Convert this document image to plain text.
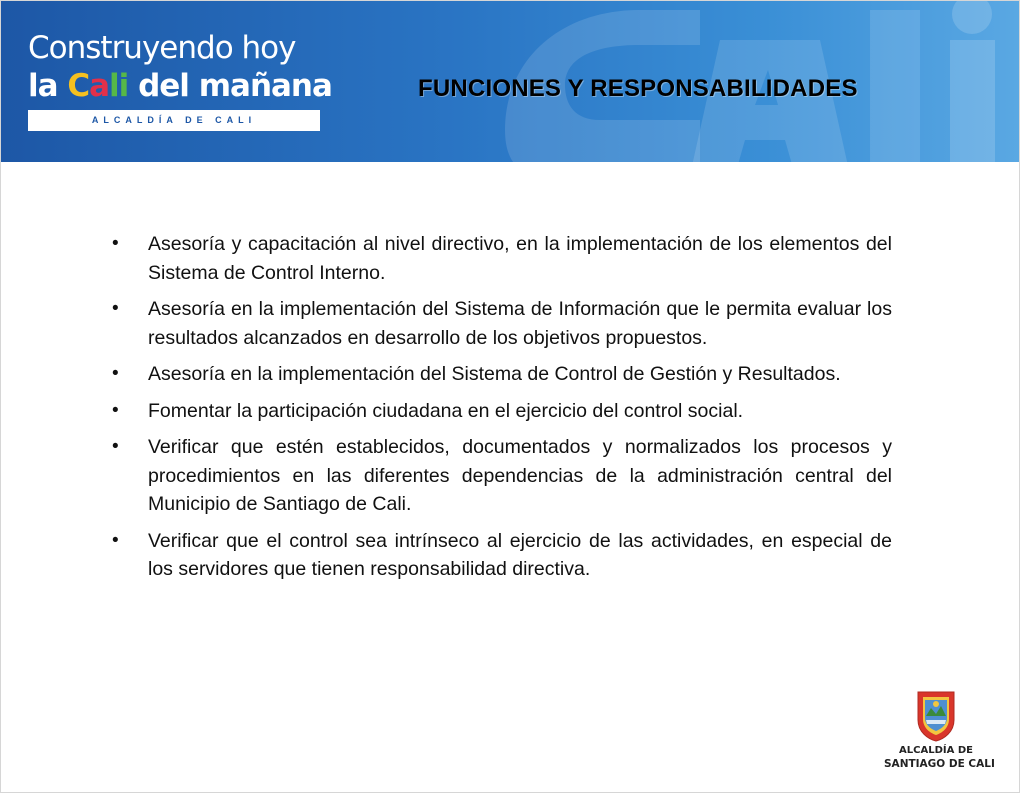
Construyendo hoy
la Cali del mañana
ALCALDÍA DE CALI
FUNCIONES Y RESPONSABILIDADES
• Asesoría y capacitación al nivel directivo, en la implementación de los elementos del Sistema de Control Interno.
• Asesoría en la implementación del Sistema de Información que le permita evaluar los resultados alcanzados en desarrollo de los objetivos propuestos.
• Asesoría en la implementación del Sistema de Control de Gestión y Resultados.
• Fomentar la participación ciudadana en el ejercicio del control social.
• Verificar que estén establecidos, documentados y normalizados los procesos y procedimientos en las diferentes dependencias de la administración central del Municipio de Santiago de Cali.
• Verificar que el control sea intrínseco al ejercicio de las actividades, en especial de los servidores que tienen responsabilidad directiva.
ALCALDÍA DE
SANTIAGO DE CALI
